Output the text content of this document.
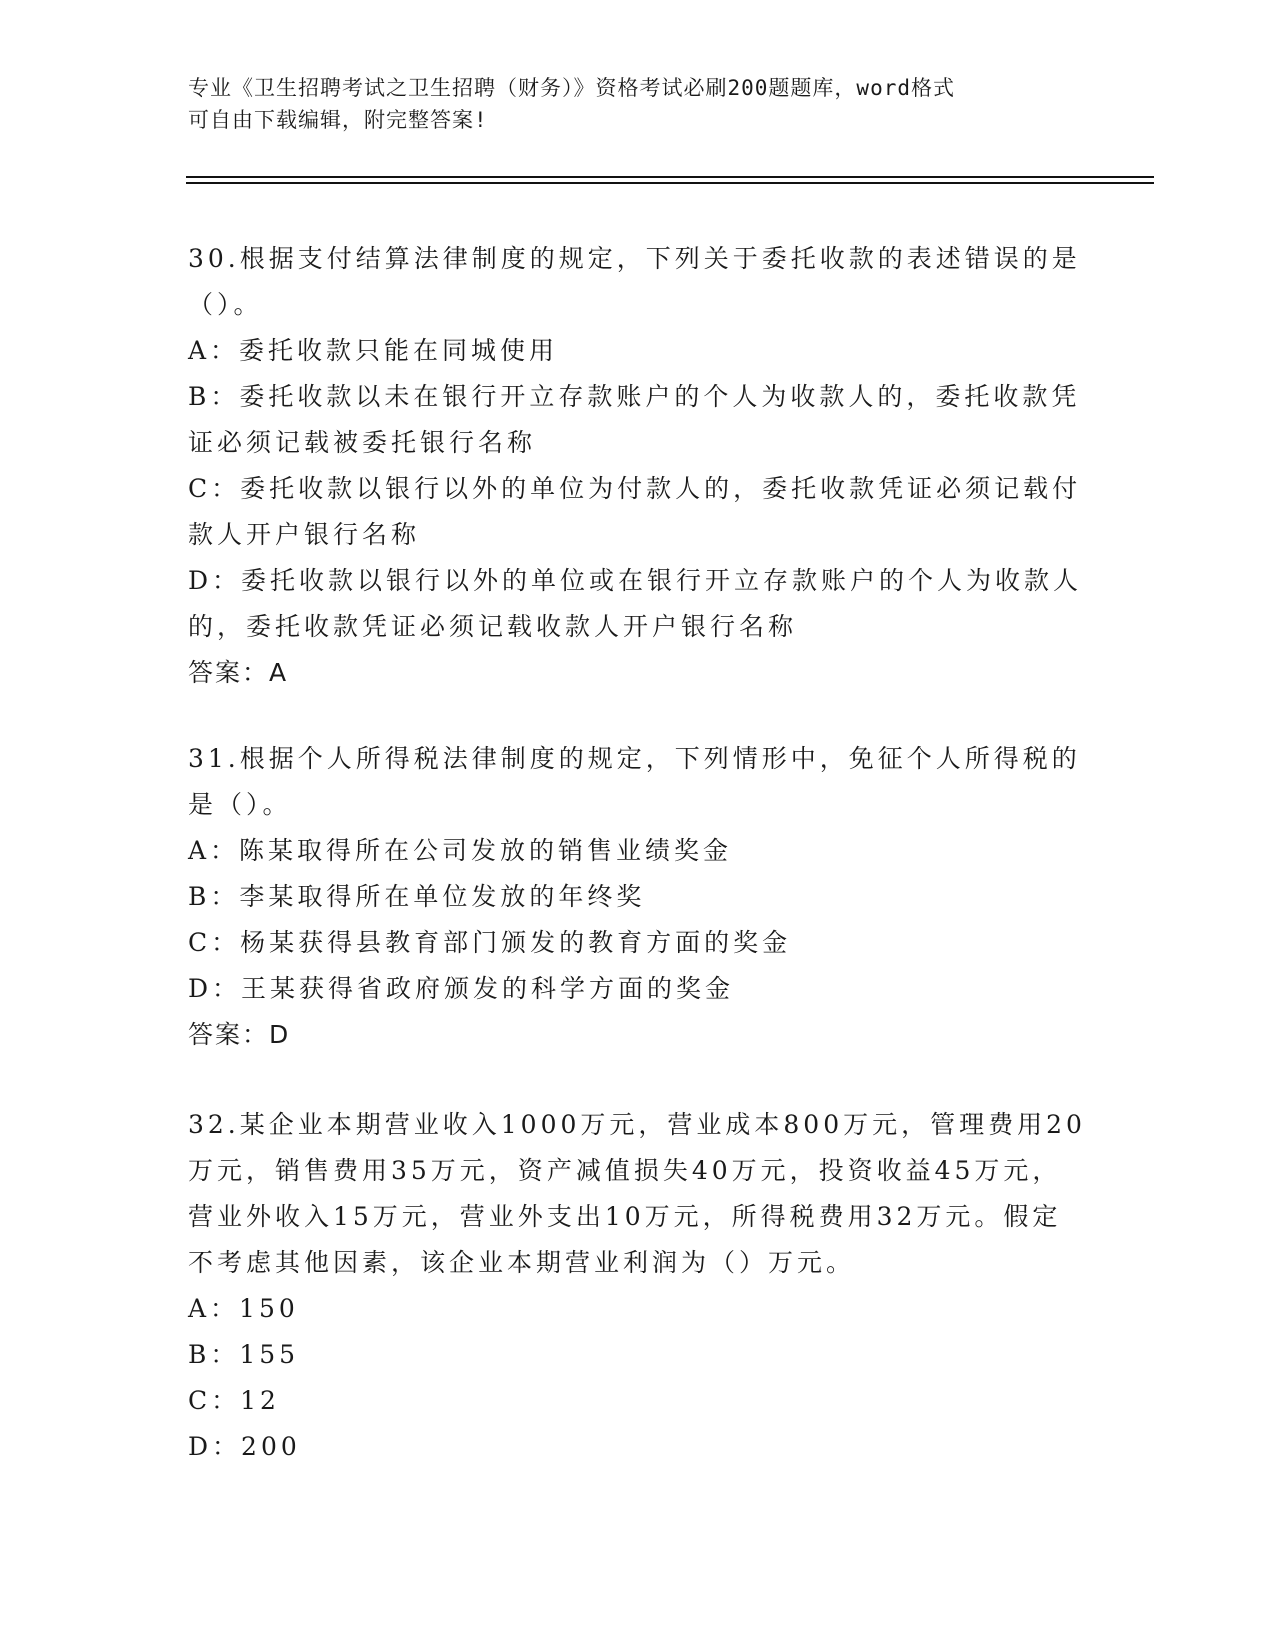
专业《卫生招聘考试之卫生招聘（财务）》资格考试必刷200题题库，word格式
可自由下载编辑，附完整答案!
30.根据支付结算法律制度的规定，下列关于委托收款的表述错误的是（）。
A：委托收款只能在同城使用
B：委托收款以未在银行开立存款账户的个人为收款人的，委托收款凭证必须记载被委托银行名称
C：委托收款以银行以外的单位为付款人的，委托收款凭证必须记载付款人开户银行名称
D：委托收款以银行以外的单位或在银行开立存款账户的个人为收款人的，委托收款凭证必须记载收款人开户银行名称
答案：A
31.根据个人所得税法律制度的规定，下列情形中，免征个人所得税的是（）。
A：陈某取得所在公司发放的销售业绩奖金
B：李某取得所在单位发放的年终奖
C：杨某获得县教育部门颁发的教育方面的奖金
D：王某获得省政府颁发的科学方面的奖金
答案：D
32.某企业本期营业收入1000万元，营业成本800万元，管理费用20万元，销售费用35万元，资产减值损失40万元，投资收益45万元，营业外收入15万元，营业外支出10万元，所得税费用32万元。假定不考虑其他因素，该企业本期营业利润为（）万元。
A：150
B：155
C：12
D：200
